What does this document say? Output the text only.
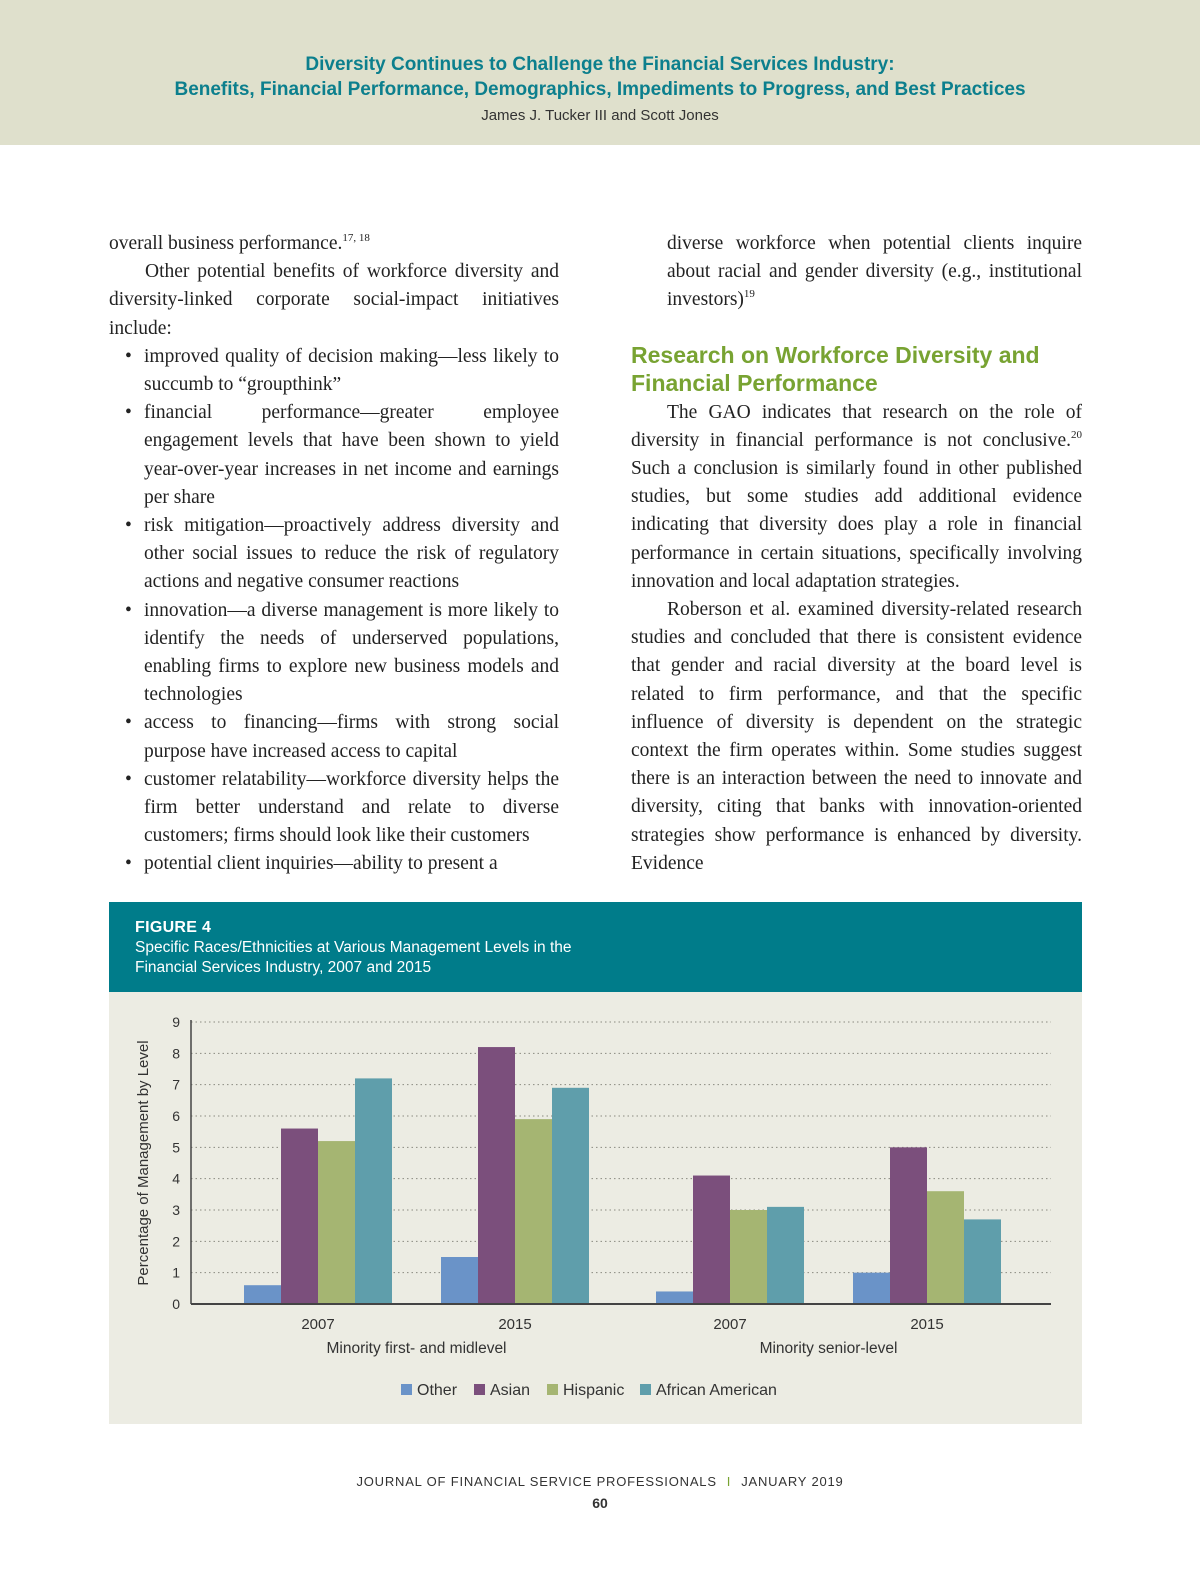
Diversity Continues to Challenge the Financial Services Industry:
Benefits, Financial Performance, Demographics, Impediments to Progress, and Best Practices
James J. Tucker III and Scott Jones

overall business performance.$^{17, 18}$

Other potential benefits of workforce diversity and diversity-linked corporate social-impact initiatives include:

• improved quality of decision making—less likely to succumb to “groupthink”
• financial performance—greater employee engagement levels that have been shown to yield year-over-year increases in net income and earnings per share
• risk mitigation—proactively address diversity and other social issues to reduce the risk of regulatory actions and negative consumer reactions
• innovation—a diverse management is more likely to identify the needs of underserved populations, enabling firms to explore new business models and technologies
• access to financing—firms with strong social purpose have increased access to capital
• customer relatability—workforce diversity helps the firm better understand and relate to diverse customers; firms should look like their customers
• potential client inquiries—ability to present a

diverse workforce when potential clients inquire about racial and gender diversity (e.g., institutional investors)$^{19}$

Research on Workforce Diversity and Financial Performance

The GAO indicates that research on the role of diversity in financial performance is not conclusive.$^{20}$ Such a conclusion is similarly found in other published studies, but some studies add additional evidence indicating that diversity does play a role in financial performance in certain situations, specifically involving innovation and local adaptation strategies.

Roberson et al. examined diversity-related research studies and concluded that there is consistent evidence that gender and racial diversity at the board level is related to firm performance, and that the specific influence of diversity is dependent on the strategic context the firm operates within. Some studies suggest there is an interaction between the need to innovate and diversity, citing that banks with innovation-oriented strategies show performance is enhanced by diversity. Evidence

FIGURE 4
Specific Races/Ethnicities at Various Management Levels in the Financial Services Industry, 2007 and 2015
0
1
2
3
4
5
6
7
8
9
2007	2015	2007	2015
Minority first- and midlevel	Minority senior-level
Percentage of Management by Level
Other Asian Hispanic African American
JOURNAL OF FINANCIAL SERVICE PROFESSIONALS I JANUARY 2019
60
